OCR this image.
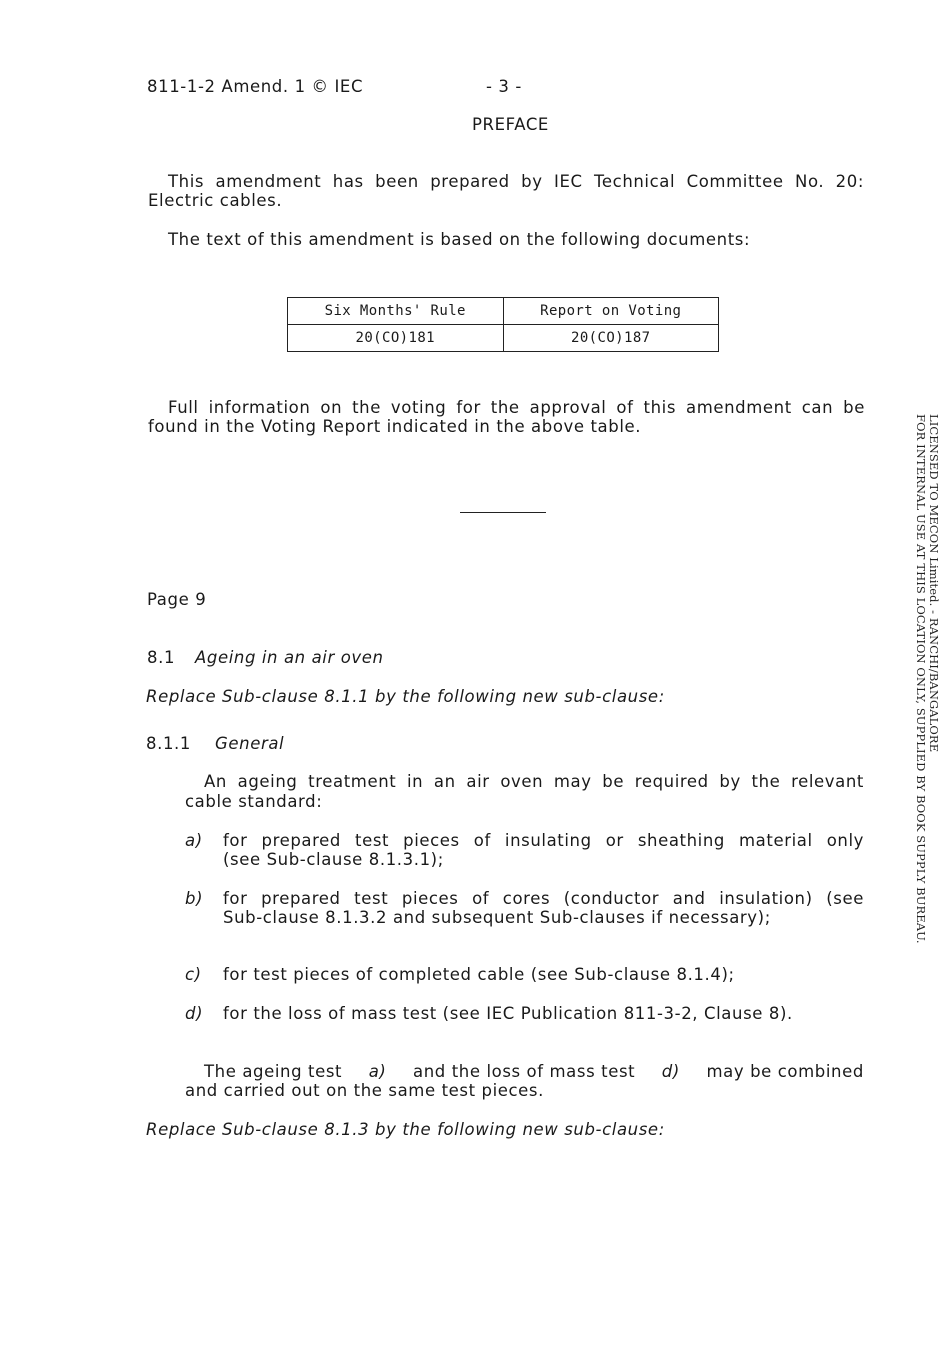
811-1-2 Amend. 1 © IEC	- 3 -
PREFACE
This amendment has been prepared by IEC Technical Committee No. 20:
Electric cables.
The text of this amendment is based on the following documents:
Six Months' Rule	Report on Voting
20(CO)181	20(CO)187
Full information on the voting for the approval of this amendment can be
found in the Voting Report indicated in the above table.
Page 9
8.1 Ageing in an air oven
Replace Sub-clause 8.1.1 by the following new sub-clause:
8.1.1 General
An ageing treatment in an air oven may be required by the relevant
cable standard:
a) for prepared test pieces of insulating or sheathing material only
(see Sub-clause 8.1.3.1);
b) for prepared test pieces of cores (conductor and insulation) (see
Sub-clause 8.1.3.2 and subsequent Sub-clauses if necessary);
c) for test pieces of completed cable (see Sub-clause 8.1.4);
d) for the loss of mass test (see IEC Publication 811-3-2, Clause 8).
The ageing test a) and the loss of mass test d) may be combined
and carried out on the same test pieces.
Replace Sub-clause 8.1.3 by the following new sub-clause:
LICENSED TO MECON Limited. - RANCHI/BANGALORE
FOR INTERNAL USE AT THIS LOCATION ONLY, SUPPLIED BY BOOK SUPPLY BUREAU.
